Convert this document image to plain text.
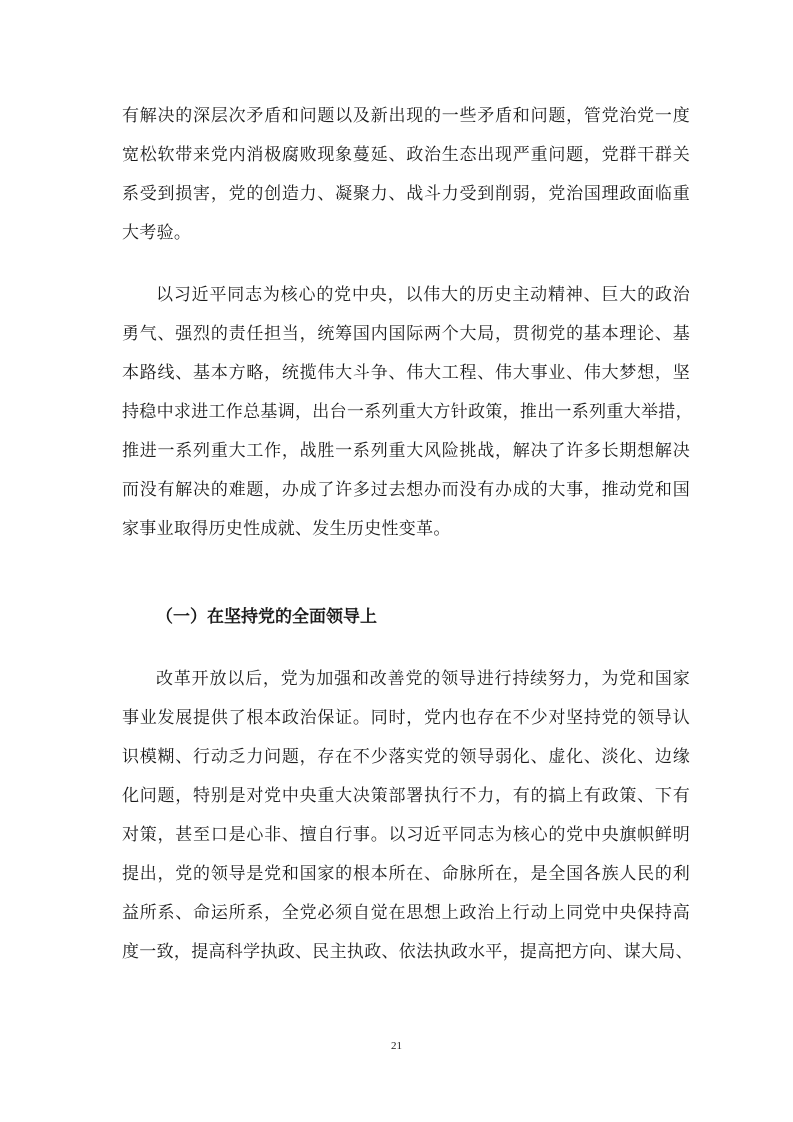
有解决的深层次矛盾和问题以及新出现的一些矛盾和问题，管党治党一度
宽松软带来党内消极腐败现象蔓延、政治生态出现严重问题，党群干群关
系受到损害，党的创造力、凝聚力、战斗力受到削弱，党治国理政面临重
大考验。
以习近平同志为核心的党中央，以伟大的历史主动精神、巨大的政治
勇气、强烈的责任担当，统筹国内国际两个大局，贯彻党的基本理论、基
本路线、基本方略，统揽伟大斗争、伟大工程、伟大事业、伟大梦想，坚
持稳中求进工作总基调，出台一系列重大方针政策，推出一系列重大举措，
推进一系列重大工作，战胜一系列重大风险挑战，解决了许多长期想解决
而没有解决的难题，办成了许多过去想办而没有办成的大事，推动党和国
家事业取得历史性成就、发生历史性变革。
（一）在坚持党的全面领导上
改革开放以后，党为加强和改善党的领导进行持续努力，为党和国家
事业发展提供了根本政治保证。同时，党内也存在不少对坚持党的领导认
识模糊、行动乏力问题，存在不少落实党的领导弱化、虚化、淡化、边缘
化问题，特别是对党中央重大决策部署执行不力，有的搞上有政策、下有
对策，甚至口是心非、擅自行事。以习近平同志为核心的党中央旗帜鲜明
提出，党的领导是党和国家的根本所在、命脉所在，是全国各族人民的利
益所系、命运所系，全党必须自觉在思想上政治上行动上同党中央保持高
度一致，提高科学执政、民主执政、依法执政水平，提高把方向、谋大局、
21
